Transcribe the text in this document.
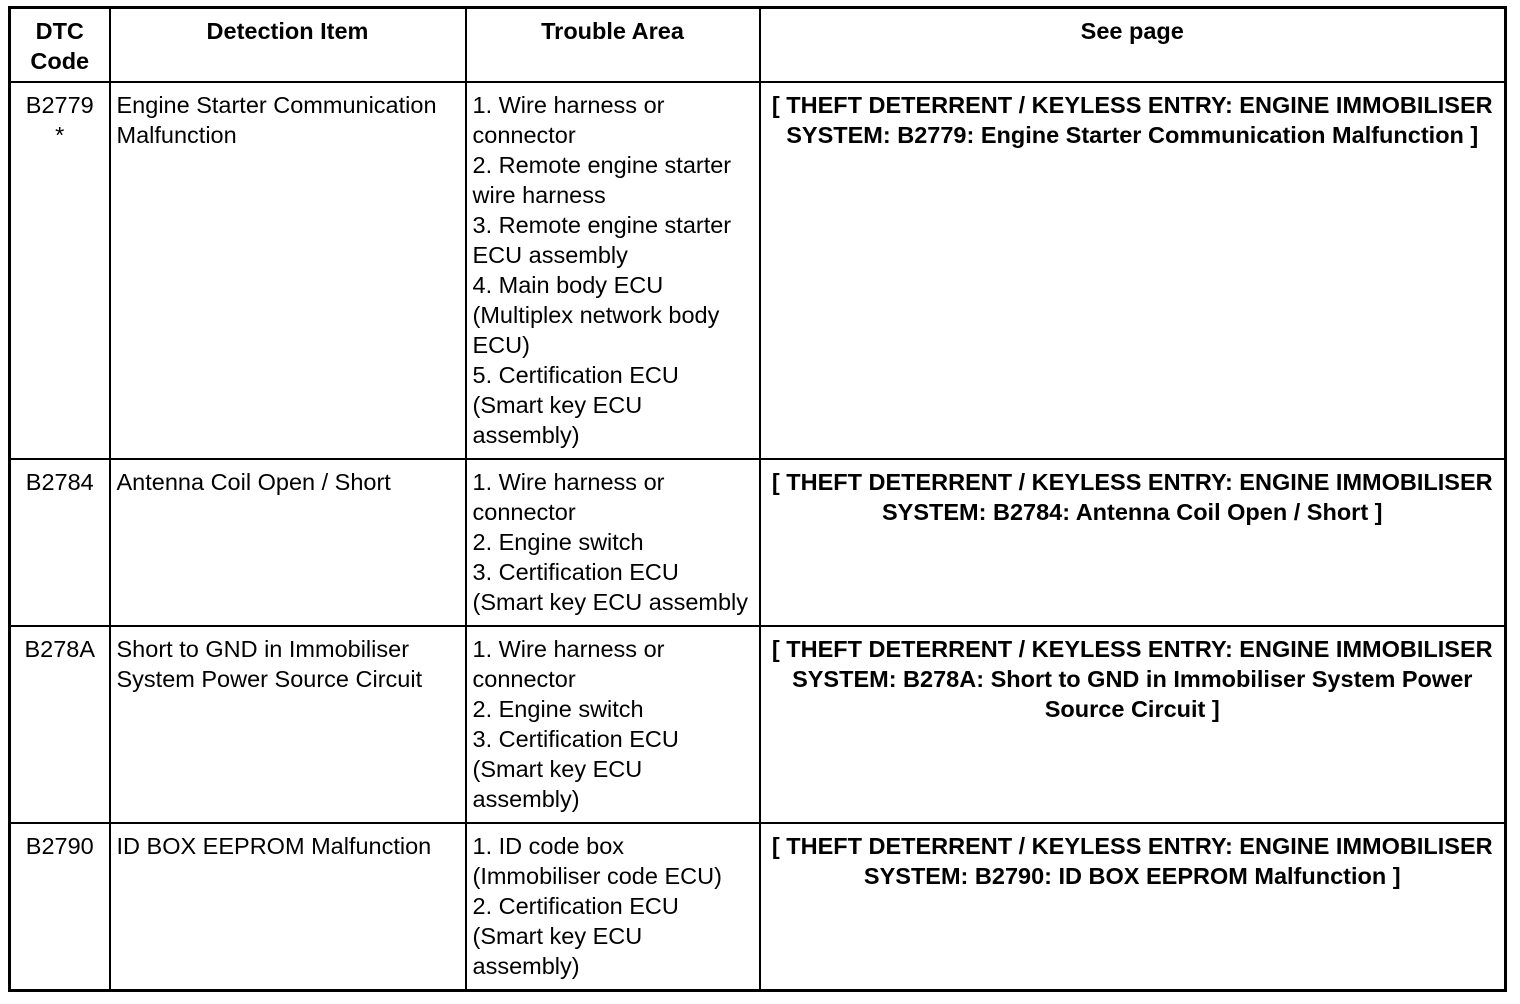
DTC Code	Detection Item	Trouble Area	See page

B2779
*	Engine Starter Communication Malfunction	1. Wire harness or connector
2. Remote engine starter wire harness
3. Remote engine starter ECU assembly
4. Main body ECU (Multiplex network body ECU)
5. Certification ECU (Smart key ECU assembly)	[ THEFT DETERRENT / KEYLESS ENTRY: ENGINE IMMOBILISER SYSTEM: B2779: Engine Starter Communication Malfunction ]

B2784	Antenna Coil Open / Short	1. Wire harness or connector
2. Engine switch
3. Certification ECU (Smart key ECU assembly	[ THEFT DETERRENT / KEYLESS ENTRY: ENGINE IMMOBILISER SYSTEM: B2784: Antenna Coil Open / Short ]

B278A	Short to GND in Immobiliser System Power Source Circuit	1. Wire harness or connector
2. Engine switch
3. Certification ECU (Smart key ECU assembly)	[ THEFT DETERRENT / KEYLESS ENTRY: ENGINE IMMOBILISER SYSTEM: B278A: Short to GND in Immobiliser System Power Source Circuit ]

B2790	ID BOX EEPROM Malfunction	1. ID code box (Immobiliser code ECU)
2. Certification ECU (Smart key ECU assembly)	[ THEFT DETERRENT / KEYLESS ENTRY: ENGINE IMMOBILISER SYSTEM: B2790: ID BOX EEPROM Malfunction ]
